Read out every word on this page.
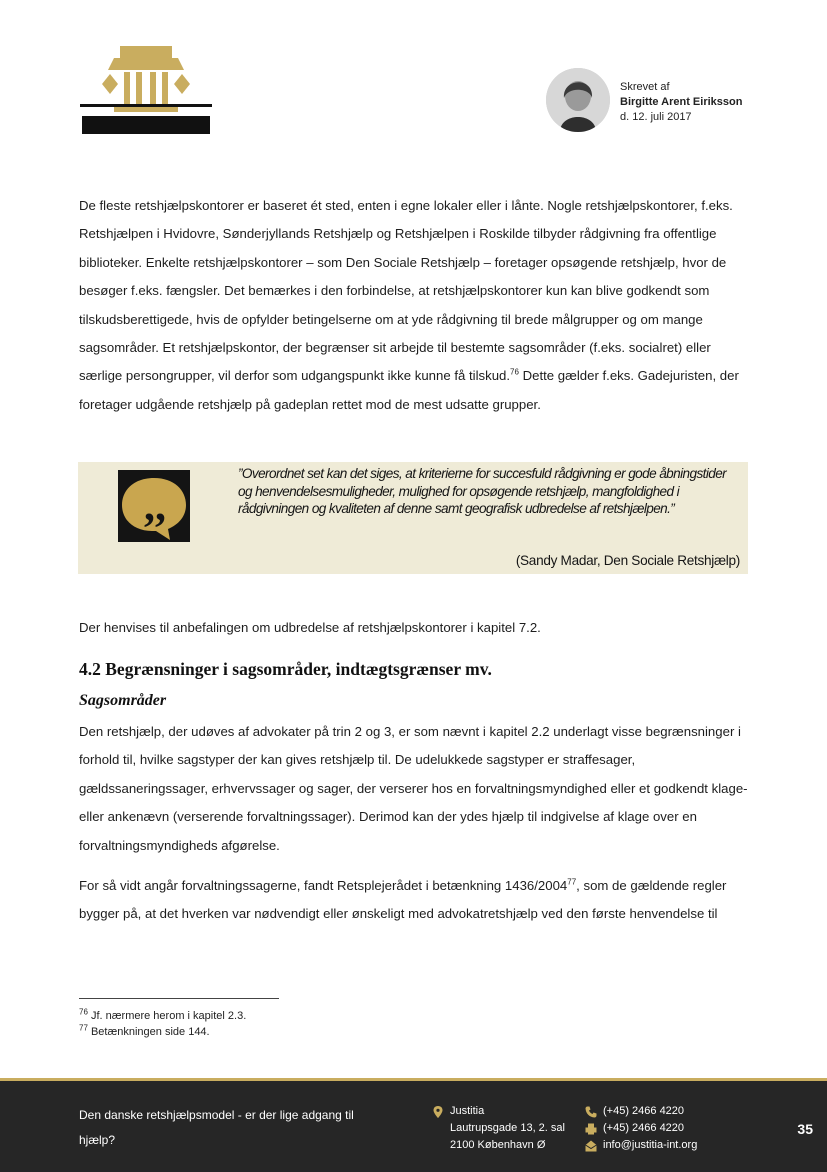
Skrevet af
Birgitte Arent Eiriksson
d. 12. juli 2017
De fleste retshjælpskontorer er baseret ét sted, enten i egne lokaler eller i lånte. Nogle retshjælpskontorer, f.eks. Retshjælpen i Hvidovre, Sønderjyllands Retshjælp og Retshjælpen i Roskilde tilbyder rådgivning fra offentlige biblioteker. Enkelte retshjælpskontorer – som Den Sociale Retshjælp – foretager opsøgende retshjælp, hvor de besøger f.eks. fængsler. Det bemærkes i den forbindelse, at retshjælpskontorer kun kan blive godkendt som tilskudsberettigede, hvis de opfylder betingelserne om at yde rådgivning til brede målgrupper og om mange sagsområder. Et retshjælpskontor, der begrænser sit arbejde til bestemte sagsområder (f.eks. socialret) eller særlige persongrupper, vil derfor som udgangspunkt ikke kunne få tilskud.$^{76}$ Dette gælder f.eks. Gadejuristen, der foretager udgående retshjælp på gadeplan rettet mod de mest udsatte grupper.
,,
”Overordnet set kan det siges, at kriterierne for succesfuld rådgivning er gode åbningstider og henvendelsesmuligheder, mulighed for opsøgende retshjælp, mangfoldighed i rådgivningen og kvaliteten af denne samt geografisk udbredelse af retshjælpen.”
(Sandy Madar, Den Sociale Retshjælp)
Der henvises til anbefalingen om udbredelse af retshjælpskontorer i kapitel 7.2.
4.2 Begrænsninger i sagsområder, indtægtsgrænser mv.
Sagsområder
Den retshjælp, der udøves af advokater på trin 2 og 3, er som nævnt i kapitel 2.2 underlagt visse begrænsninger i forhold til, hvilke sagstyper der kan gives retshjælp til. De udelukkede sagstyper er straffesager, gældssaneringssager, erhvervssager og sager, der verserer hos en forvaltningsmyndighed eller et godkendt klage- eller ankenævn (verserende forvaltningssager). Derimod kan der ydes hjælp til indgivelse af klage over en forvaltningsmyndigheds afgørelse.
For så vidt angår forvaltningssagerne, fandt Retsplejerådet i betænkning 1436/2004$^{77}$, som de gældende regler bygger på, at det hverken var nødvendigt eller ønskeligt med advokatretshjælp ved den første henvendelse til
$^{76}$ Jf. nærmere herom i kapitel 2.3.
$^{77}$ Betænkningen side 144.
Den danske retshjælpsmodel - er der lige adgang til hjælp?
Justitia
Lautrupsgade 13, 2. sal
2100 København Ø
(+45) 2466 4220
(+45) 2466 4220
info@justitia-int.org
35
